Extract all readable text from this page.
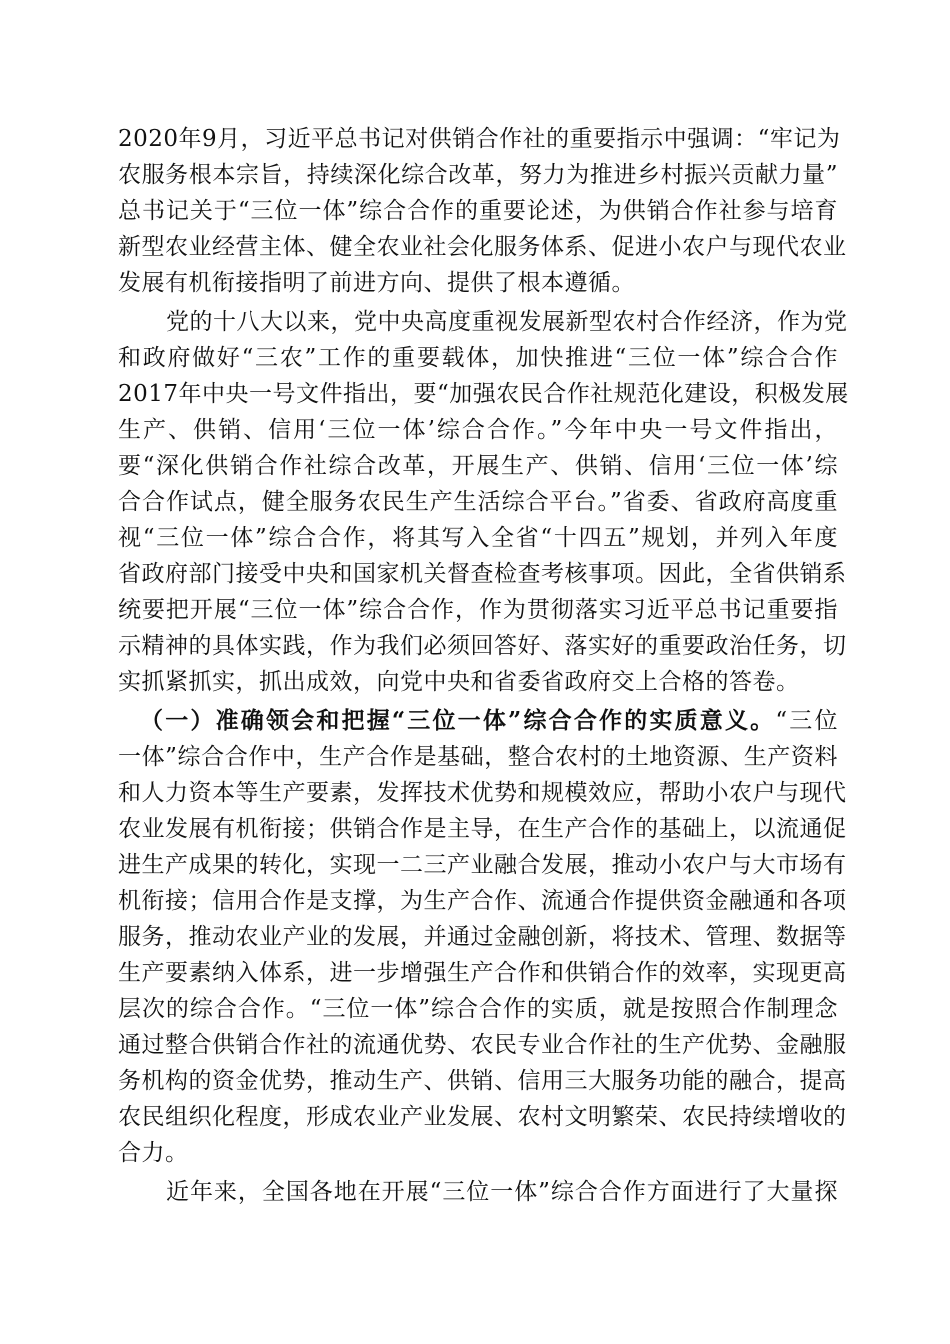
2020年9月，习近平总书记对供销合作社的重要指示中强调：“牢记为
农服务根本宗旨，持续深化综合改革，努力为推进乡村振兴贡献力量”
总书记关于“三位一体”综合合作的重要论述，为供销合作社参与培育
新型农业经营主体、健全农业社会化服务体系、促进小农户与现代农业
发展有机衔接指明了前进方向、提供了根本遵循。
党的十八大以来，党中央高度重视发展新型农村合作经济，作为党
和政府做好“三农”工作的重要载体，加快推进“三位一体”综合合作
2017年中央一号文件指出，要“加强农民合作社规范化建设，积极发展
生产、供销、信用‘三位一体’综合合作。”今年中央一号文件指出，
要“深化供销合作社综合改革，开展生产、供销、信用‘三位一体’综
合合作试点，健全服务农民生产生活综合平台。”省委、省政府高度重
视“三位一体”综合合作，将其写入全省“十四五”规划，并列入年度
省政府部门接受中央和国家机关督查检查考核事项。因此，全省供销系
统要把开展“三位一体”综合合作，作为贯彻落实习近平总书记重要指
示精神的具体实践，作为我们必须回答好、落实好的重要政治任务，切
实抓紧抓实，抓出成效，向党中央和省委省政府交上合格的答卷。
（一）准确领会和把握“三位一体”综合合作的实质意义。“三位
一体”综合合作中，生产合作是基础，整合农村的土地资源、生产资料
和人力资本等生产要素，发挥技术优势和规模效应，帮助小农户与现代
农业发展有机衔接；供销合作是主导，在生产合作的基础上，以流通促
进生产成果的转化，实现一二三产业融合发展，推动小农户与大市场有
机衔接；信用合作是支撑，为生产合作、流通合作提供资金融通和各项
服务，推动农业产业的发展，并通过金融创新，将技术、管理、数据等
生产要素纳入体系，进一步增强生产合作和供销合作的效率，实现更高
层次的综合合作。“三位一体”综合合作的实质，就是按照合作制理念
通过整合供销合作社的流通优势、农民专业合作社的生产优势、金融服
务机构的资金优势，推动生产、供销、信用三大服务功能的融合，提高
农民组织化程度，形成农业产业发展、农村文明繁荣、农民持续增收的
合力。
近年来，全国各地在开展“三位一体”综合合作方面进行了大量探
